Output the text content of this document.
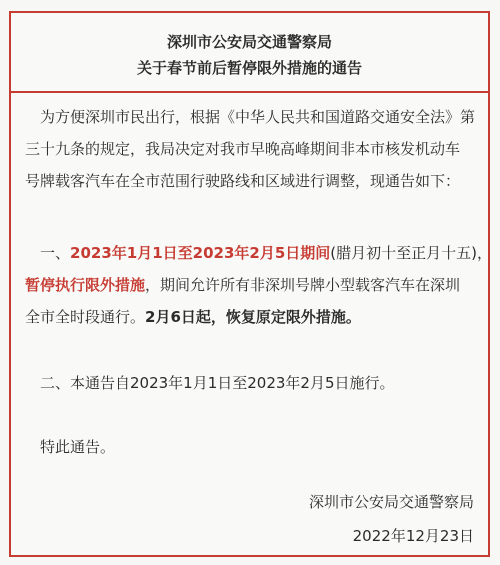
深圳市公安局交通警察局
关于春节前后暂停限外措施的通告
为方便深圳市民出行，根据《中华人民共和国道路交通安全法》第
三十九条的规定，我局决定对我市早晚高峰期间非本市核发机动车
号牌载客汽车在全市范围行驶路线和区域进行调整，现通告如下：
一、2023年1月1日至2023年2月5日期间(腊月初十至正月十五)，
暂停执行限外措施，期间允许所有非深圳号牌小型载客汽车在深圳
全市全时段通行。2月6日起，恢复原定限外措施。
二、本通告自2023年1月1日至2023年2月5日施行。
特此通告。
深圳市公安局交通警察局
2022年12月23日
